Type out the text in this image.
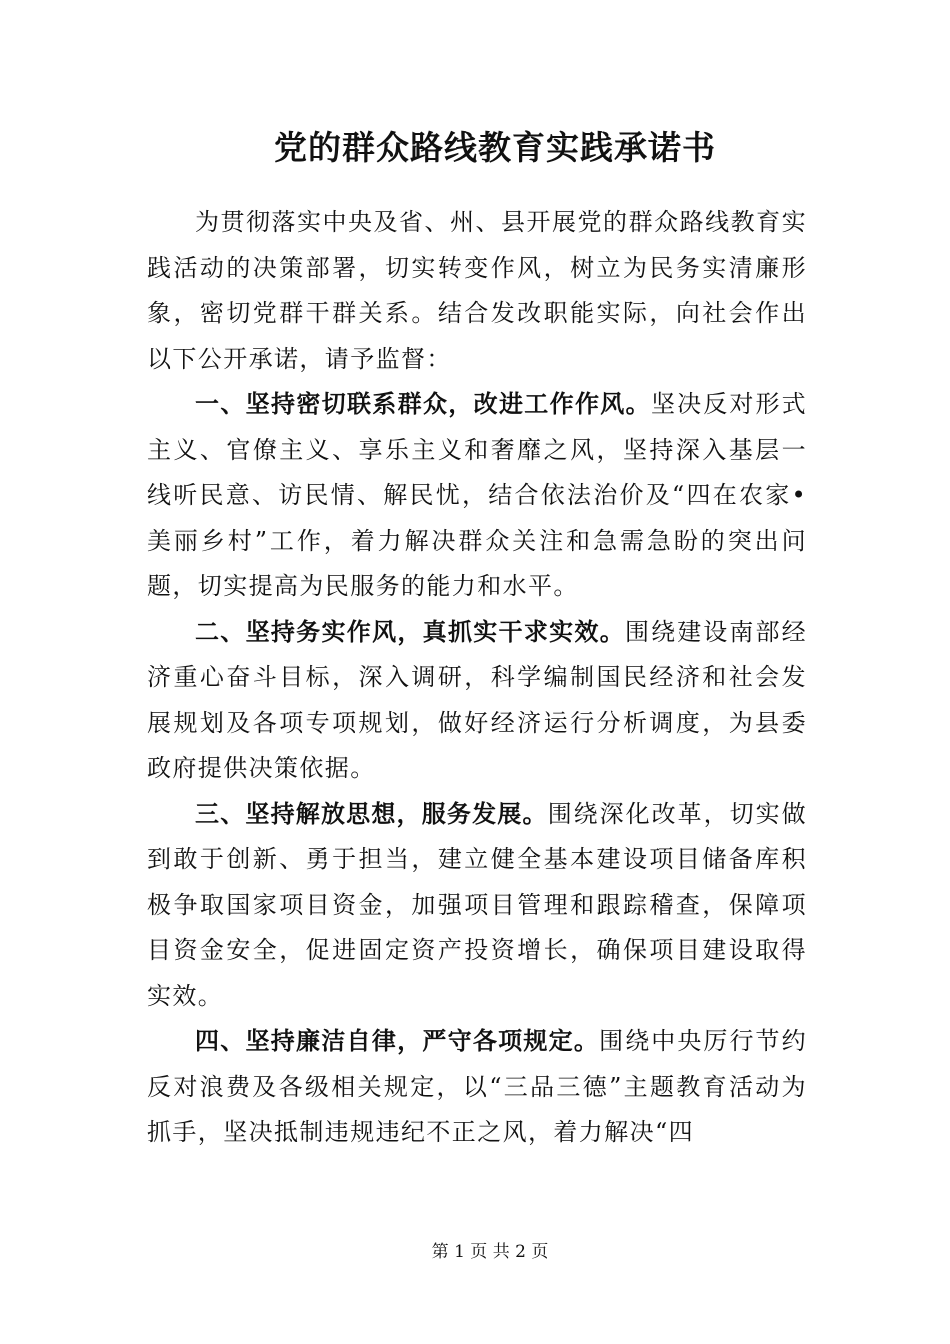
党的群众路线教育实践承诺书

为贯彻落实中央及省、州、县开展党的群众路线教育实践活动的决策部署，切实转变作风，树立为民务实清廉形象，密切党群干群关系。结合发改职能实际，向社会作出以下公开承诺，请予监督：

一、坚持密切联系群众，改进工作作风。坚决反对形式主义、官僚主义、享乐主义和奢靡之风，坚持深入基层一线听民意、访民情、解民忧，结合依法治价及“四在农家•美丽乡村”工作，着力解决群众关注和急需急盼的突出问题，切实提高为民服务的能力和水平。

二、坚持务实作风，真抓实干求实效。围绕建设南部经济重心奋斗目标，深入调研，科学编制国民经济和社会发展规划及各项专项规划，做好经济运行分析调度，为县委政府提供决策依据。

三、坚持解放思想，服务发展。围绕深化改革，切实做到敢于创新、勇于担当，建立健全基本建设项目储备库积极争取国家项目资金，加强项目管理和跟踪稽查，保障项目资金安全，促进固定资产投资增长，确保项目建设取得实效。

四、坚持廉洁自律，严守各项规定。围绕中央厉行节约反对浪费及各级相关规定，以“三品三德”主题教育活动为抓手，坚决抵制违规违纪不正之风，着力解决“四

第 1 页 共 2 页
